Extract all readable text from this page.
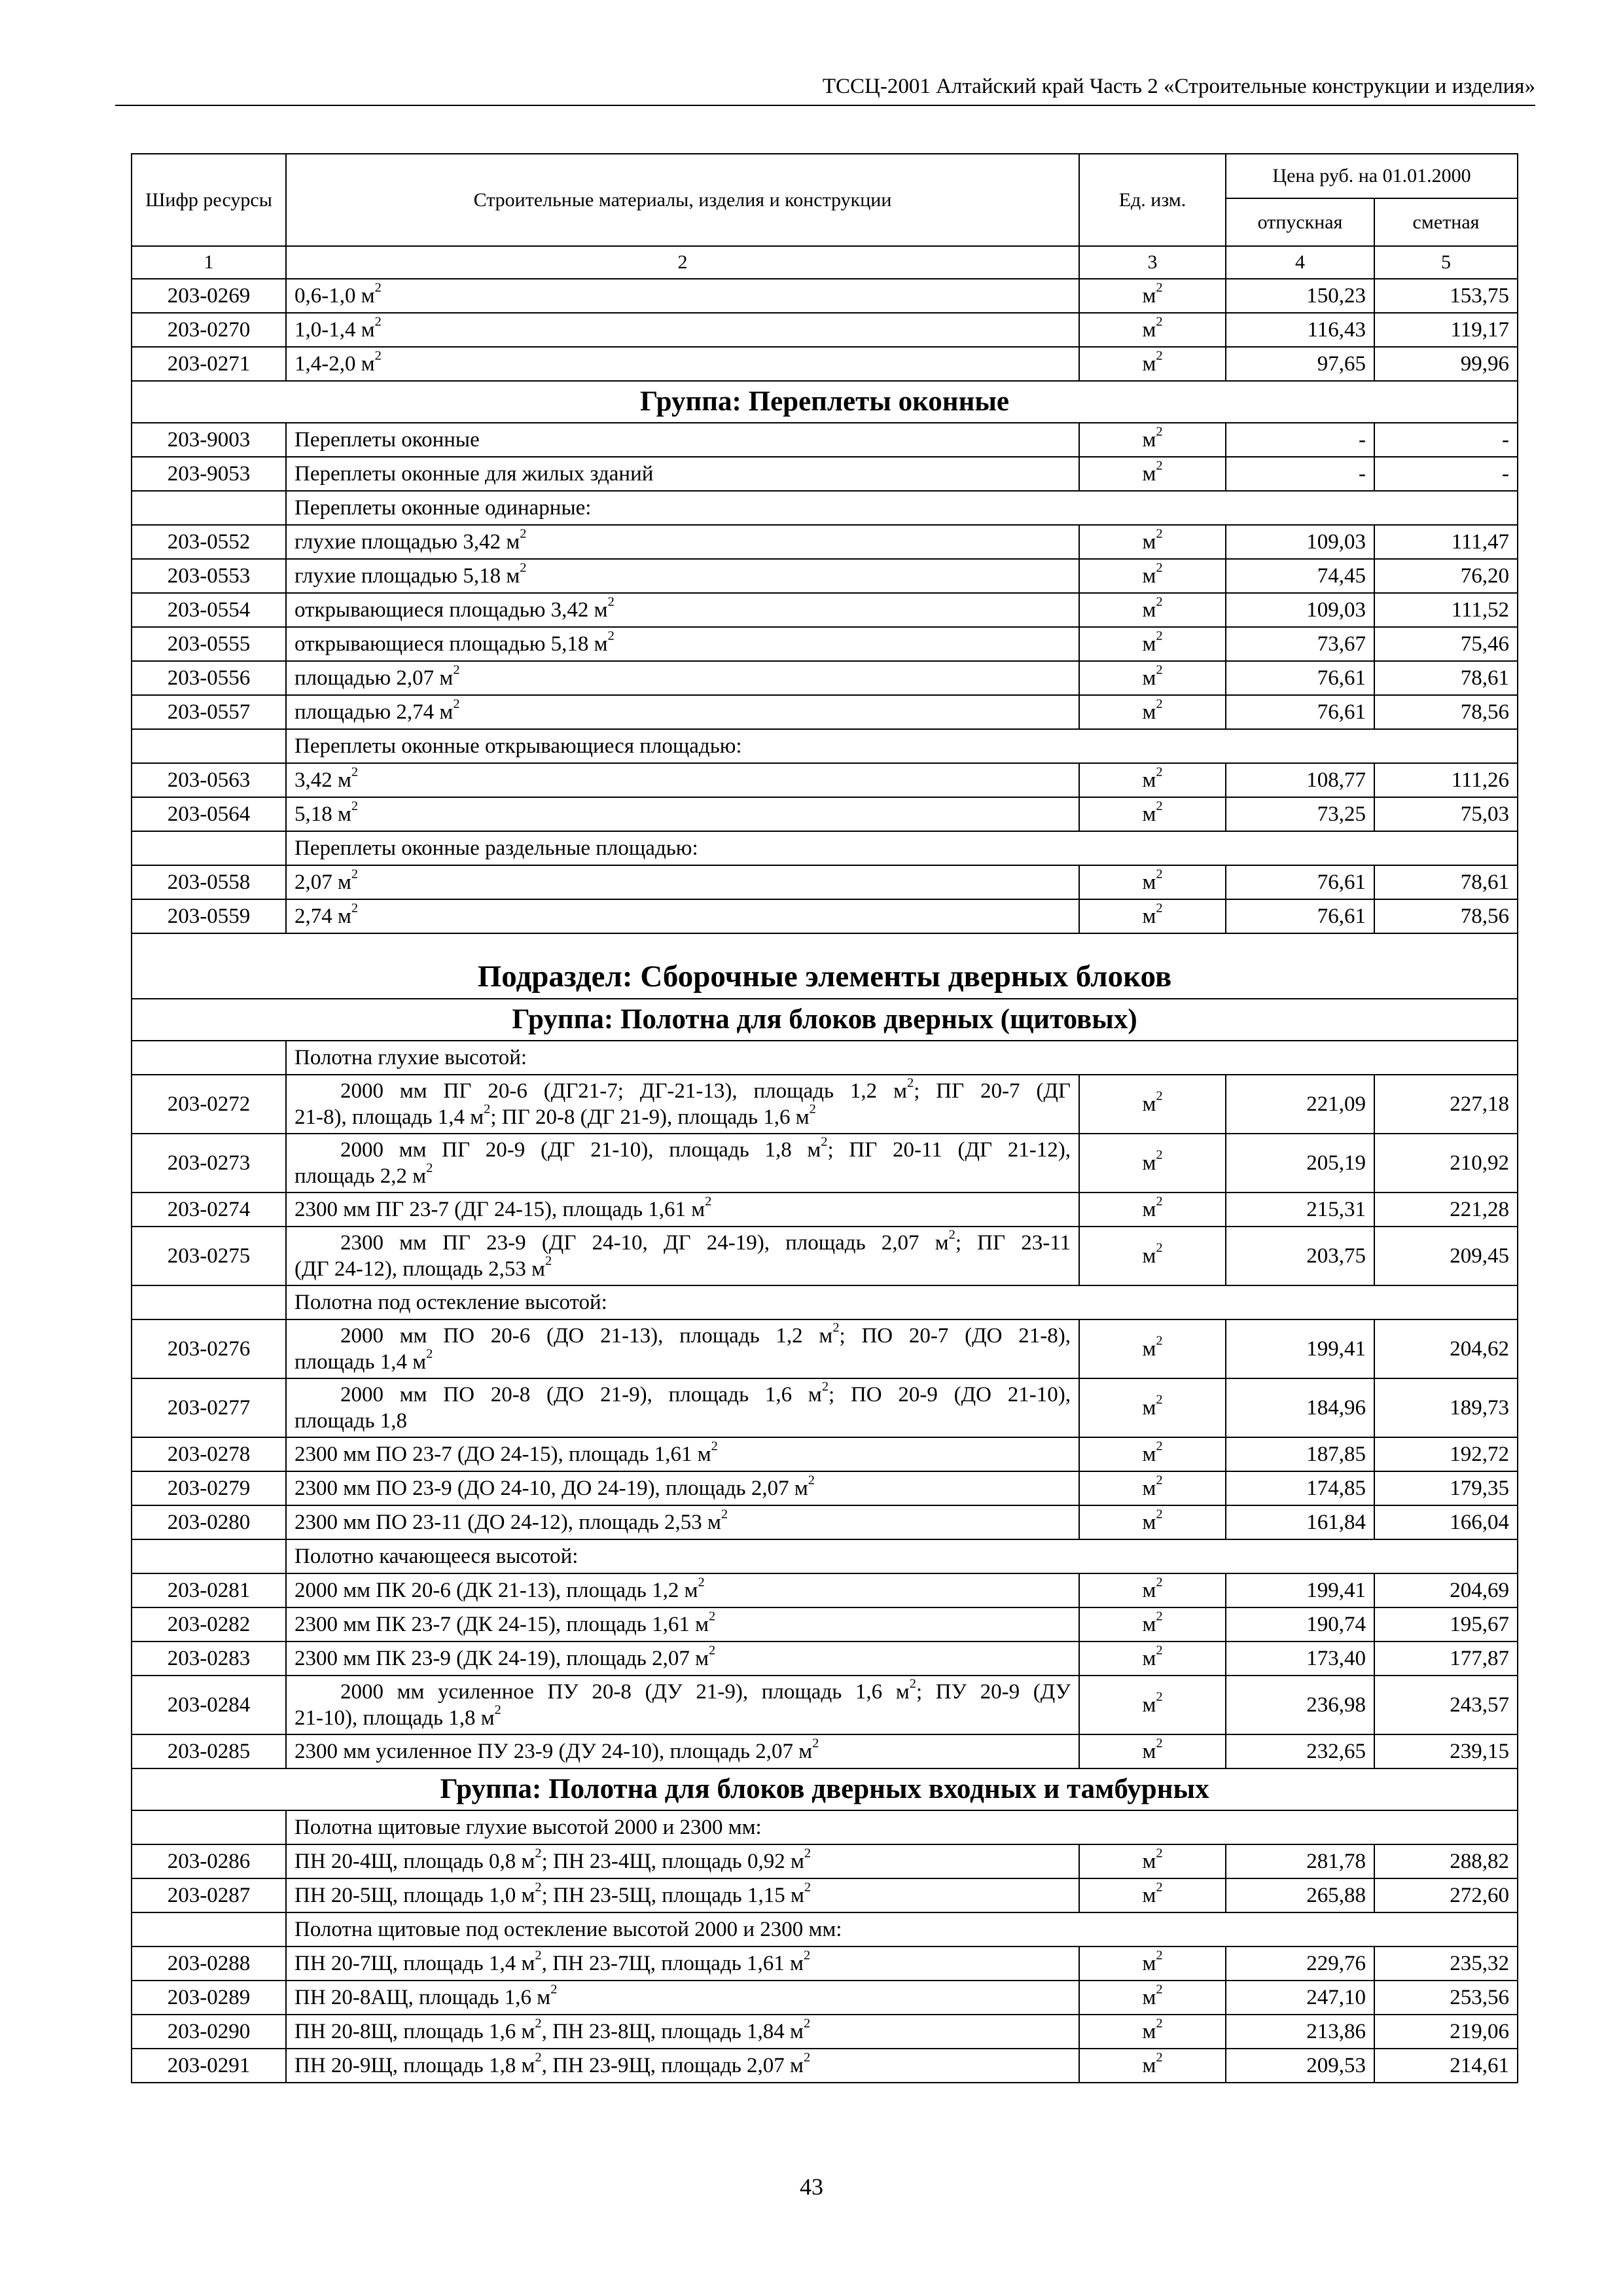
ТССЦ-2001 Алтайский край Часть 2 «Строительные конструкции и изделия»
Шифр ресурсы	Строительные материалы, изделия и конструкции	Ед. изм.	Цена руб. на 01.01.2000	
			отпускная	сметная
1	2	3	4	5
203-0269	0,6-1,0 $м^2$	$м^2$	150,23	153,75
203-0270	1,0-1,4 $м^2$	$м^2$	116,43	119,17
203-0271	1,4-2,0 $м^2$	$м^2$	97,65	99,96
Группа: Переплеты оконные				
203-9003	Переплеты оконные	$м^2$	-	-
203-9053	Переплеты оконные для жилых зданий	$м^2$	-	-
	Переплеты оконные одинарные:			
203-0552	глухие площадью 3,42 $м^2$	$м^2$	109,03	111,47
203-0553	глухие площадью 5,18 $м^2$	$м^2$	74,45	76,20
203-0554	открывающиеся площадью 3,42 $м^2$	$м^2$	109,03	111,52
203-0555	открывающиеся площадью 5,18 $м^2$	$м^2$	73,67	75,46
203-0556	площадью 2,07 $м^2$	$м^2$	76,61	78,61
203-0557	площадью 2,74 $м^2$	$м^2$	76,61	78,56
	Переплеты оконные открывающиеся площадью:			
203-0563	3,42 $м^2$	$м^2$	108,77	111,26
203-0564	5,18 $м^2$	$м^2$	73,25	75,03
	Переплеты оконные раздельные площадью:			
203-0558	2,07 $м^2$	$м^2$	76,61	78,61
203-0559	2,74 $м^2$	$м^2$	76,61	78,56
Подраздел: Сборочные элементы дверных блоков				
Группа: Полотна для блоков дверных (щитовых)				
	Полотна глухие высотой:			
203-0272	2000 мм ПГ 20-6 (ДГ21-7; ДГ-21-13), площадь 1,2 $м^2$; ПГ 20-7 (ДГ
21-8), площадь 1,4 $м^2$; ПГ 20-8 (ДГ 21-9), площадь 1,6 $м^2$	$м^2$	221,09	227,18
203-0273	2000 мм ПГ 20-9 (ДГ 21-10), площадь 1,8 $м^2$; ПГ 20-11 (ДГ 21-12),
площадь 2,2 $м^2$	$м^2$	205,19	210,92
203-0274	2300 мм ПГ 23-7 (ДГ 24-15), площадь 1,61 $м^2$	$м^2$	215,31	221,28
203-0275	2300 мм ПГ 23-9 (ДГ 24-10, ДГ 24-19), площадь 2,07 $м^2$; ПГ 23-11
(ДГ 24-12), площадь 2,53 $м^2$	$м^2$	203,75	209,45
	Полотна под остекление высотой:			
203-0276	2000 мм ПО 20-6 (ДО 21-13), площадь 1,2 $м^2$; ПО 20-7 (ДО 21-8),
площадь 1,4 $м^2$	$м^2$	199,41	204,62
203-0277	2000 мм ПО 20-8 (ДО 21-9), площадь 1,6 $м^2$; ПО 20-9 (ДО 21-10),
площадь 1,8	$м^2$	184,96	189,73
203-0278	2300 мм ПО 23-7 (ДО 24-15), площадь 1,61 $м^2$	$м^2$	187,85	192,72
203-0279	2300 мм ПО 23-9 (ДО 24-10, ДО 24-19), площадь 2,07 $м^2$	$м^2$	174,85	179,35
203-0280	2300 мм ПО 23-11 (ДО 24-12), площадь 2,53 $м^2$	$м^2$	161,84	166,04
	Полотно качающееся высотой:			
203-0281	2000 мм ПК 20-6 (ДК 21-13), площадь 1,2 $м^2$	$м^2$	199,41	204,69
203-0282	2300 мм ПК 23-7 (ДК 24-15), площадь 1,61 $м^2$	$м^2$	190,74	195,67
203-0283	2300 мм ПК 23-9 (ДК 24-19), площадь 2,07 $м^2$	$м^2$	173,40	177,87
203-0284	2000 мм усиленное ПУ 20-8 (ДУ 21-9), площадь 1,6 $м^2$; ПУ 20-9 (ДУ
21-10), площадь 1,8 $м^2$	$м^2$	236,98	243,57
203-0285	2300 мм усиленное ПУ 23-9 (ДУ 24-10), площадь 2,07 $м^2$	$м^2$	232,65	239,15
Группа: Полотна для блоков дверных входных и тамбурных				
	Полотна щитовые глухие высотой 2000 и 2300 мм:			
203-0286	ПН 20-4Щ, площадь 0,8 $м^2$; ПН 23-4Щ, площадь 0,92 $м^2$	$м^2$	281,78	288,82
203-0287	ПН 20-5Щ, площадь 1,0 $м^2$; ПН 23-5Щ, площадь 1,15 $м^2$	$м^2$	265,88	272,60
	Полотна щитовые под остекление высотой 2000 и 2300 мм:			
203-0288	ПН 20-7Щ, площадь 1,4 $м^2$, ПН 23-7Щ, площадь 1,61 $м^2$	$м^2$	229,76	235,32
203-0289	ПН 20-8АЩ, площадь 1,6 $м^2$	$м^2$	247,10	253,56
203-0290	ПН 20-8Щ, площадь 1,6 $м^2$, ПН 23-8Щ, площадь 1,84 $м^2$	$м^2$	213,86	219,06
203-0291	ПН 20-9Щ, площадь 1,8 $м^2$, ПН 23-9Щ, площадь 2,07 $м^2$	$м^2$	209,53	214,61
43
